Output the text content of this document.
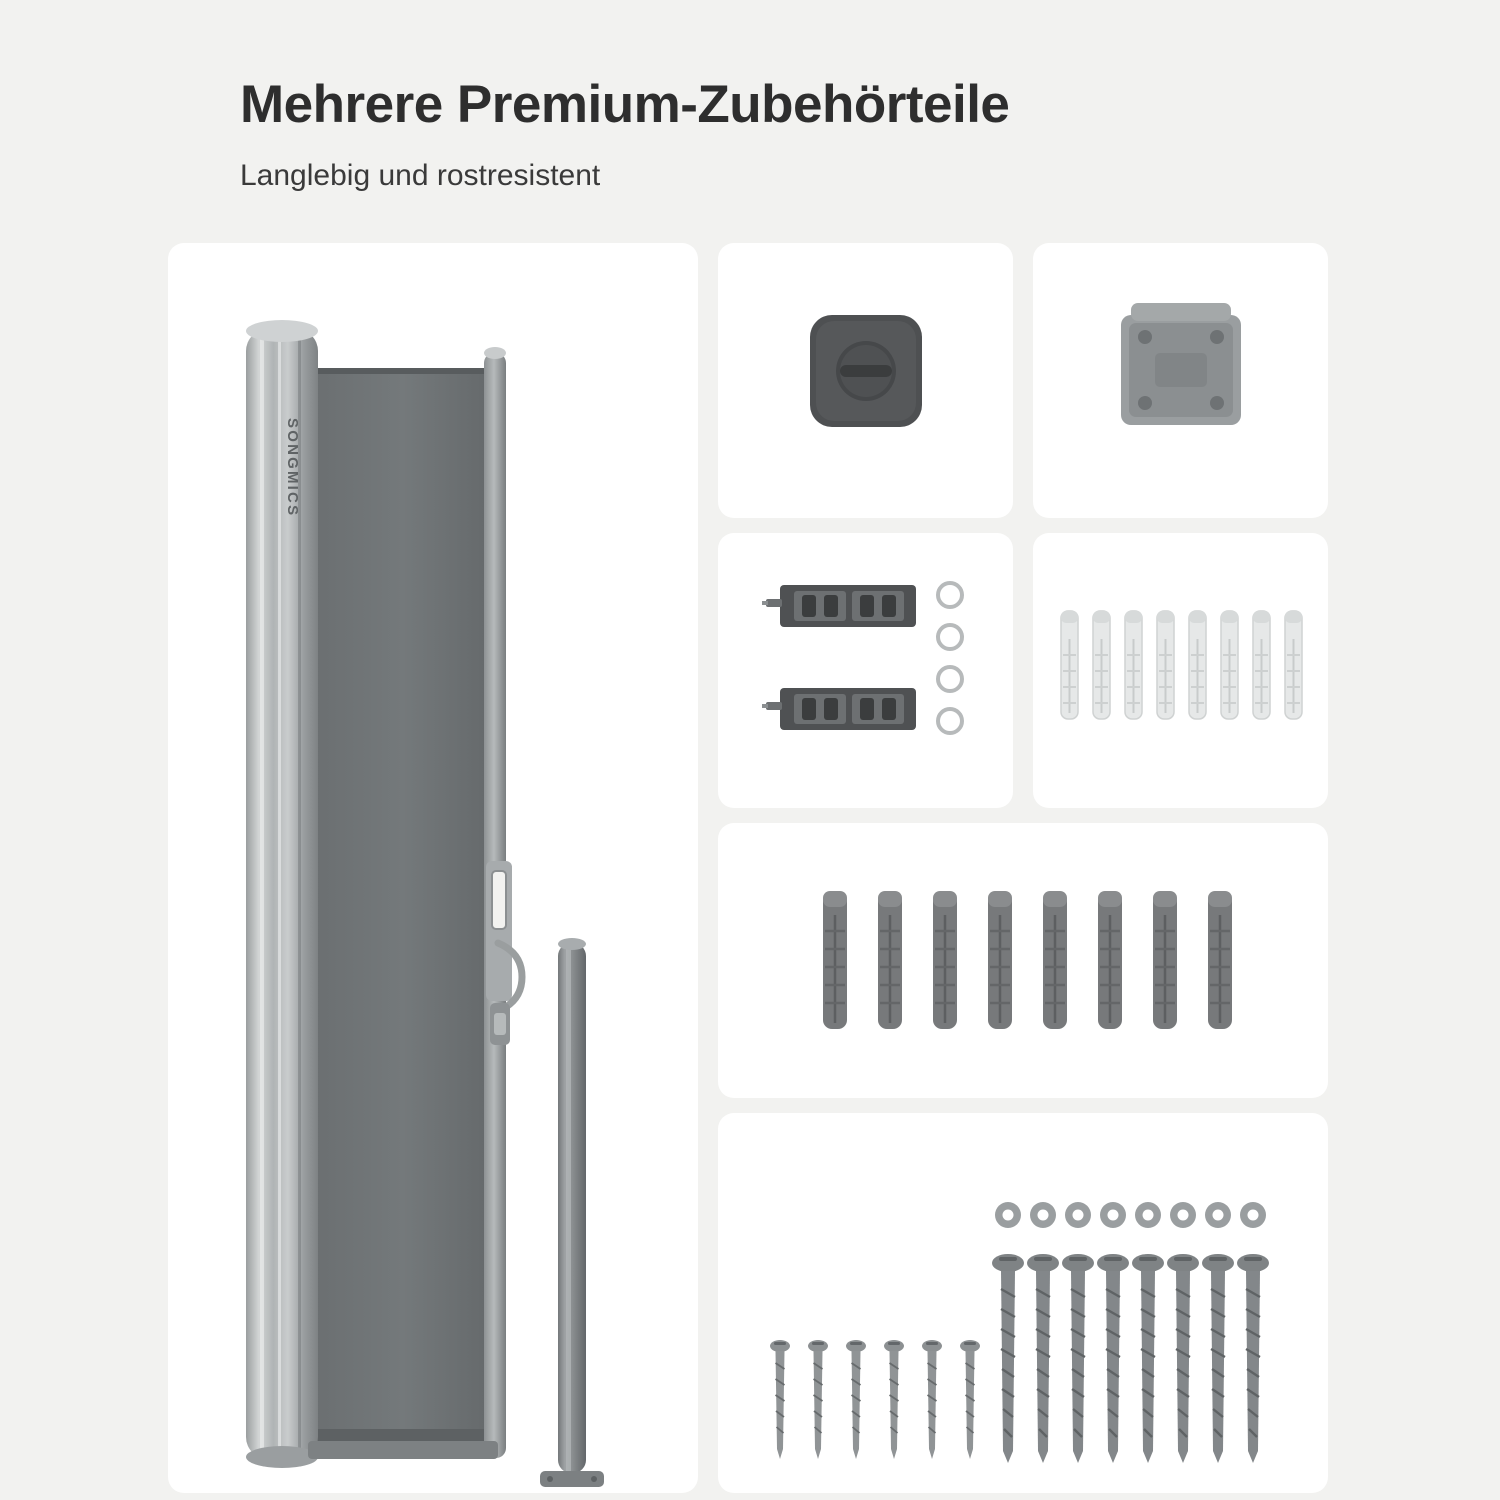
Mehrere Premium-Zubehörteile

Langlebig und rostresistent

SONGMICS
